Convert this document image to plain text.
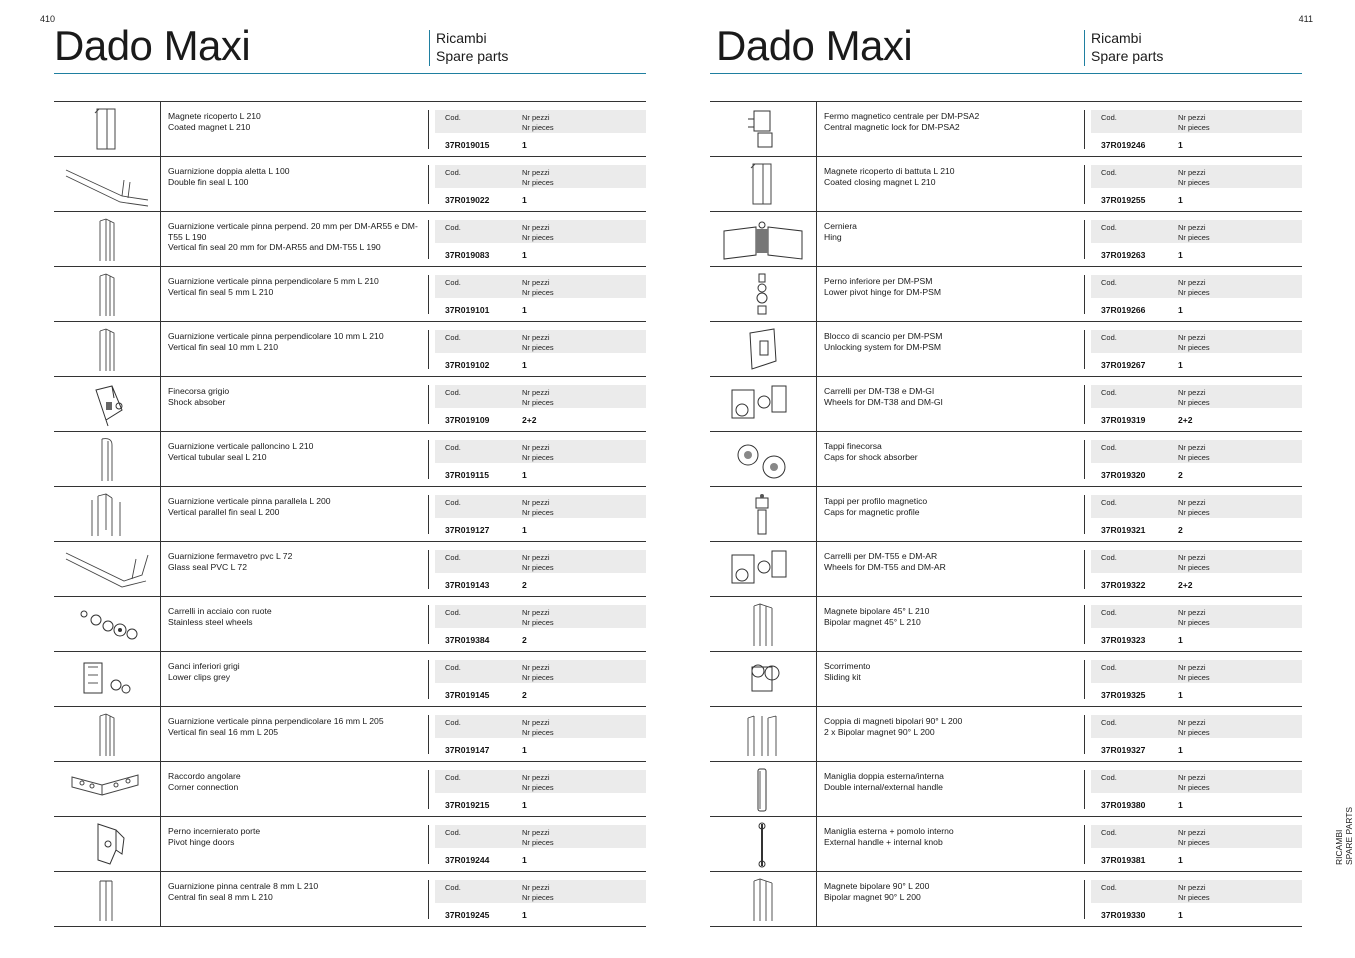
410	411
Dado Maxi	Ricambi
Spare parts
Magnete ricoperto L 210
Coated magnet L 210
Cod.	Nr pezzi
Nr pieces
37R019015	1
Guarnizione doppia aletta L 100
Double fin seal L 100
Cod.	Nr pezzi
Nr pieces
37R019022	1
Guarnizione verticale pinna perpend. 20 mm per DM-AR55 e DM-T55 L 190
Vertical fin seal 20 mm for DM-AR55 and DM-T55 L 190
Cod.	Nr pezzi
Nr pieces
37R019083	1
Guarnizione verticale pinna perpendicolare 5 mm L 210
Vertical fin seal 5 mm L 210
Cod.	Nr pezzi
Nr pieces
37R019101	1
Guarnizione verticale pinna perpendicolare 10 mm L 210
Vertical fin seal 10 mm L 210
Cod.	Nr pezzi
Nr pieces
37R019102	1
Finecorsa grigio
Shock absober
Cod.	Nr pezzi
Nr pieces
37R019109	2+2
Guarnizione verticale palloncino L 210
Vertical tubular seal L 210
Cod.	Nr pezzi
Nr pieces
37R019115	1
Guarnizione verticale pinna parallela L 200
Vertical parallel fin seal L 200
Cod.	Nr pezzi
Nr pieces
37R019127	1
Guarnizione fermavetro pvc L 72
Glass seal PVC L 72
Cod.	Nr pezzi
Nr pieces
37R019143	2
Carrelli in acciaio con ruote
Stainless steel wheels
Cod.	Nr pezzi
Nr pieces
37R019384	2
Ganci inferiori grigi
Lower clips grey
Cod.	Nr pezzi
Nr pieces
37R019145	2
Guarnizione verticale pinna perpendicolare 16 mm L 205
Vertical fin seal 16 mm L 205
Cod.	Nr pezzi
Nr pieces
37R019147	1
Raccordo angolare
Corner connection
Cod.	Nr pezzi
Nr pieces
37R019215	1
Perno incernierato porte
Pivot hinge doors
Cod.	Nr pezzi
Nr pieces
37R019244	1
Guarnizione pinna centrale 8 mm L 210
Central fin seal 8 mm L 210
Cod.	Nr pezzi
Nr pieces
37R019245	1
Dado Maxi	Ricambi
Spare parts
Fermo magnetico centrale per DM-PSA2
Central magnetic lock for DM-PSA2
Cod.	Nr pezzi
Nr pieces
37R019246	1
Magnete ricoperto di battuta L 210
Coated closing magnet L 210
Cod.	Nr pezzi
Nr pieces
37R019255	1
Cerniera
Hing
Cod.	Nr pezzi
Nr pieces
37R019263	1
Perno inferiore per DM-PSM
Lower pivot hinge for DM-PSM
Cod.	Nr pezzi
Nr pieces
37R019266	1
Blocco di scancio per DM-PSM
Unlocking system for DM-PSM
Cod.	Nr pezzi
Nr pieces
37R019267	1
Carrelli per DM-T38 e DM-GI
Wheels for DM-T38 and DM-GI
Cod.	Nr pezzi
Nr pieces
37R019319	2+2
Tappi finecorsa
Caps for shock absorber
Cod.	Nr pezzi
Nr pieces
37R019320	2
Tappi per profilo magnetico
Caps for magnetic profile
Cod.	Nr pezzi
Nr pieces
37R019321	2
Carrelli per DM-T55 e DM-AR
Wheels for DM-T55 and DM-AR
Cod.	Nr pezzi
Nr pieces
37R019322	2+2
Magnete bipolare 45° L 210
Bipolar magnet 45° L 210
Cod.	Nr pezzi
Nr pieces
37R019323	1
Scorrimento
Sliding kit
Cod.	Nr pezzi
Nr pieces
37R019325	1
Coppia di magneti bipolari 90° L 200
2 x Bipolar magnet 90° L 200
Cod.	Nr pezzi
Nr pieces
37R019327	1
Maniglia doppia esterna/interna
Double internal/external handle
Cod.	Nr pezzi
Nr pieces
37R019380	1
Maniglia esterna + pomolo interno
External handle + internal knob
Cod.	Nr pezzi
Nr pieces
37R019381	1
Magnete bipolare 90° L 200
Bipolar magnet 90° L 200
Cod.	Nr pezzi
Nr pieces
37R019330	1
RICAMBI SPARE PARTS
